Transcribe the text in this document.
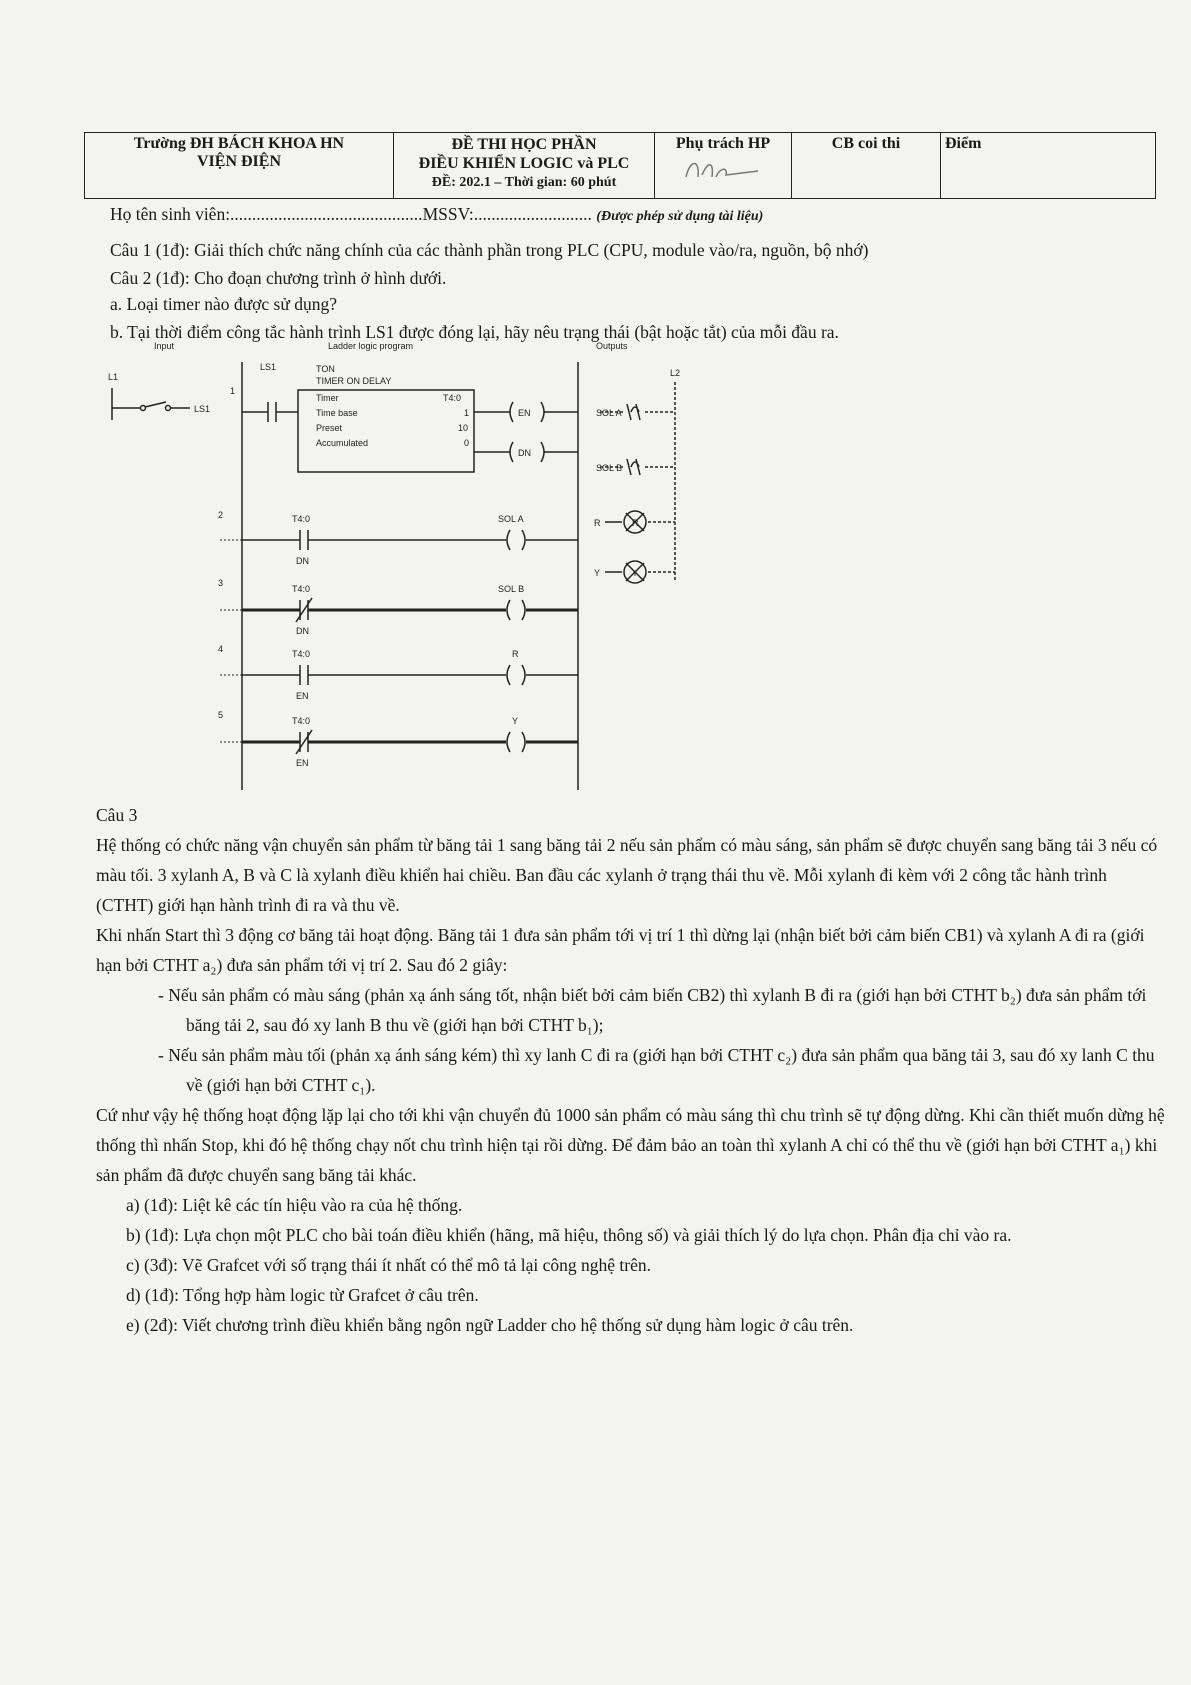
Trường ĐH BÁCH KHOA HN
VIỆN ĐIỆN

ĐỀ THI HỌC PHẦN
ĐIỀU KHIỂN LOGIC và PLC
ĐỀ: 202.1 – Thời gian: 60 phút
	Phụ trách HP	CB coi thi	Điểm
Họ tên sinh viên:............................................MSSV:........................... (Được phép sử dụng tài liệu)
Câu 1 (1đ): Giải thích chức năng chính của các thành phần trong PLC (CPU, module vào/ra, nguồn, bộ nhớ)
Câu 2 (1đ): Cho đoạn chương trình ở hình dưới.
a. Loại timer nào được sử dụng?
b. Tại thời điểm công tắc hành trình LS1 được đóng lại, hãy nêu trạng thái (bật hoặc tắt) của mỗi đầu ra.
Input	Ladder logic program	Outputs
L1	L2
LS1
LS1
1
2
3
4
5
TON
TIMER ON DELAY
Timer	T4:0
Time base	1
Preset	10
Accumulated	0
EN
DN
T4:0
DN
SOL A
T4:0
DN
SOL B
T4:0
EN
R
T4:0
EN
Y
SOL A
SOL B
R	R
Y	Y

Câu 3

Hệ thống có chức năng vận chuyển sản phẩm từ băng tải 1 sang băng tải 2 nếu sản phẩm có màu sáng, sản phẩm sẽ được chuyển sang băng tải 3 nếu có màu tối. 3 xylanh A, B và C là xylanh điều khiển hai chiều. Ban đầu các xylanh ở trạng thái thu về. Mỗi xylanh đi kèm với 2 công tắc hành trình (CTHT) giới hạn hành trình đi ra và thu về.

Khi nhấn Start thì 3 động cơ băng tải hoạt động. Băng tải 1 đưa sản phẩm tới vị trí 1 thì dừng lại (nhận biết bởi cảm biến CB1) và xylanh A đi ra (giới hạn bởi CTHT a₂) đưa sản phẩm tới vị trí 2. Sau đó 2 giây:

- Nếu sản phẩm có màu sáng (phản xạ ánh sáng tốt, nhận biết bởi cảm biến CB2) thì xylanh B đi ra (giới hạn bởi CTHT b₂) đưa sản phẩm tới băng tải 2, sau đó xy lanh B thu về (giới hạn bởi CTHT b₁);

- Nếu sản phẩm màu tối (phản xạ ánh sáng kém) thì xy lanh C đi ra (giới hạn bởi CTHT c₂) đưa sản phẩm qua băng tải 3, sau đó xy lanh C thu về (giới hạn bởi CTHT c₁).

Cứ như vậy hệ thống hoạt động lặp lại cho tới khi vận chuyển đủ 1000 sản phẩm có màu sáng thì chu trình sẽ tự động dừng. Khi cần thiết muốn dừng hệ thống thì nhấn Stop, khi đó hệ thống chạy nốt chu trình hiện tại rồi dừng. Để đảm bảo an toàn thì xylanh A chỉ có thể thu về (giới hạn bởi CTHT a₁) khi sản phẩm đã được chuyển sang băng tải khác.

a) (1đ): Liệt kê các tín hiệu vào ra của hệ thống.

b) (1đ): Lựa chọn một PLC cho bài toán điều khiển (hãng, mã hiệu, thông số) và giải thích lý do lựa chọn. Phân địa chỉ vào ra.

c) (3đ): Vẽ Grafcet với số trạng thái ít nhất có thể mô tả lại công nghệ trên.

d) (1đ): Tổng hợp hàm logic từ Grafcet ở câu trên.

e) (2đ): Viết chương trình điều khiển bằng ngôn ngữ Ladder cho hệ thống sử dụng hàm logic ở câu trên.
